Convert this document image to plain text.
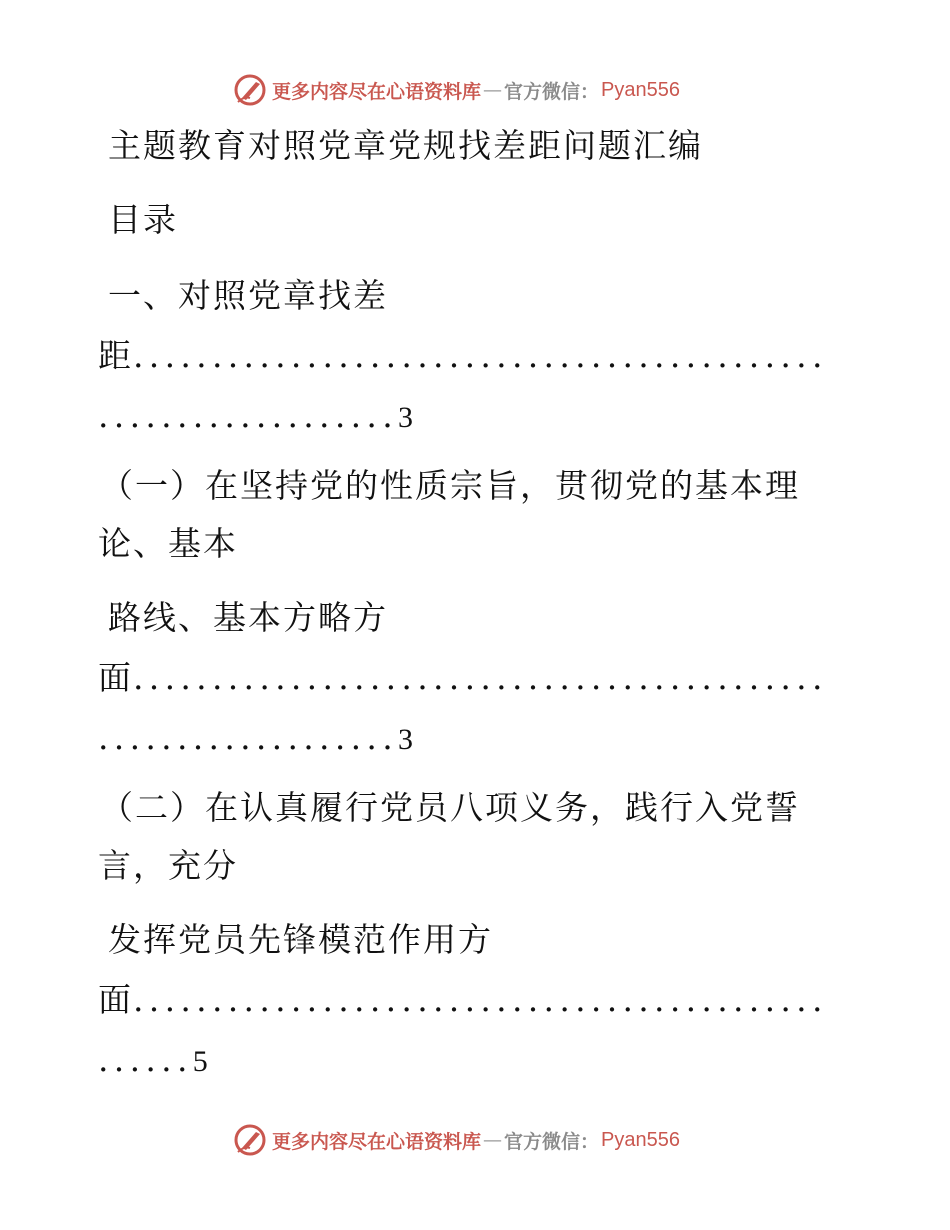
更多内容尽在心语资料库 — 官方微信： Pyan556
主题教育对照党章党规找差距问题汇编
目录
一、对照党章找差
距............................................
...................3
（一）在坚持党的性质宗旨，贯彻党的基本理
论、基本
路线、基本方略方
面............................................
...................3
（二）在认真履行党员八项义务，践行入党誓
言，充分
发挥党员先锋模范作用方
面............................................
......5
更多内容尽在心语资料库 — 官方微信： Pyan556
